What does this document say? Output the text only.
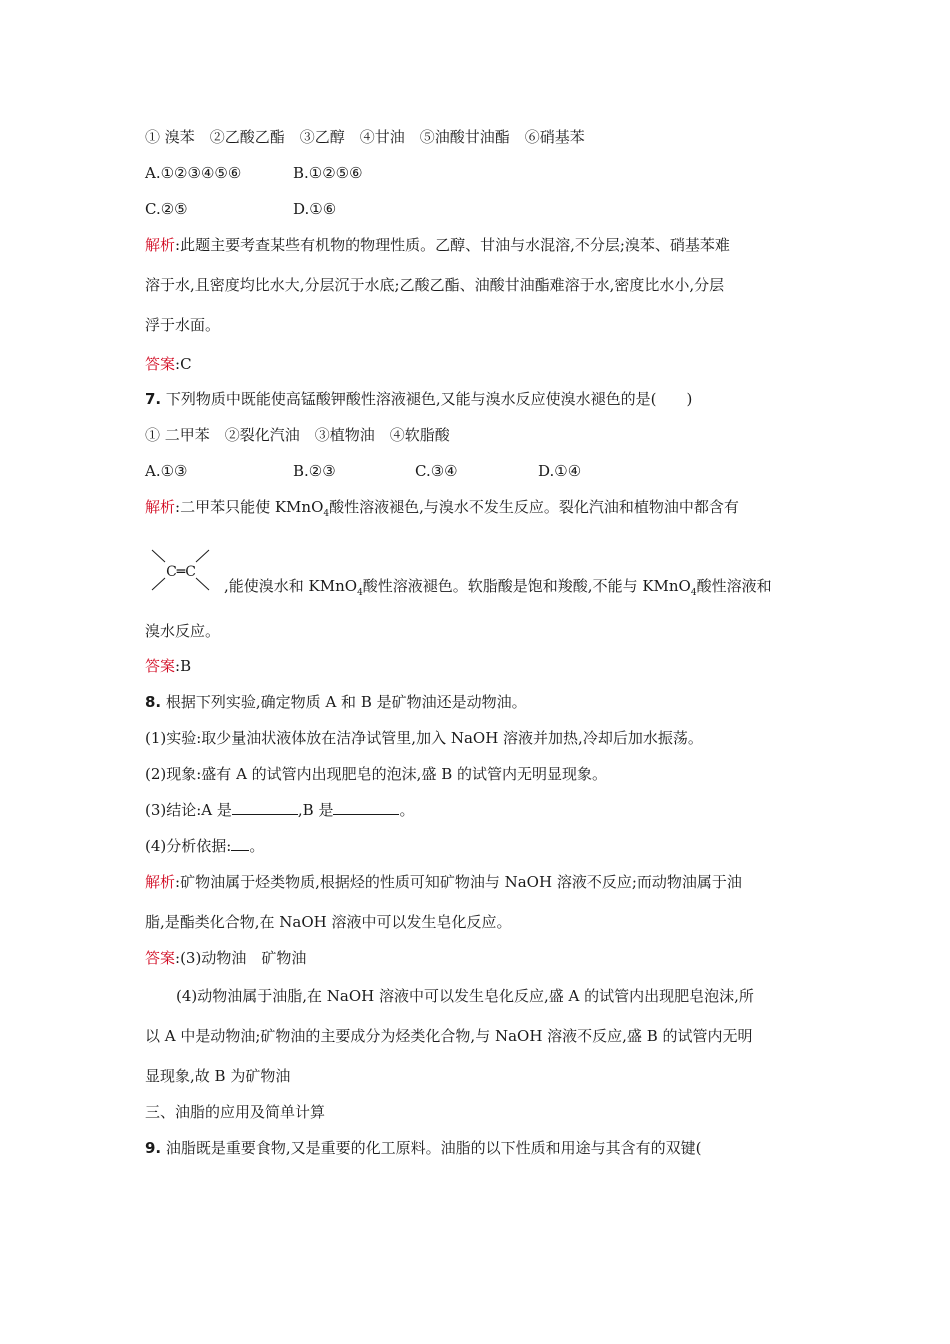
① 溴苯　②乙酸乙酯　③乙醇　④甘油　⑤油酸甘油酯　⑥硝基苯
A.①②③④⑤⑥	B.①②⑤⑥
C.②⑤	D.①⑥
解析:此题主要考查某些有机物的物理性质。乙醇、甘油与水混溶,不分层;溴苯、硝基苯难
溶于水,且密度均比水大,分层沉于水底;乙酸乙酯、油酸甘油酯难溶于水,密度比水小,分层
浮于水面。
答案:C
7. 下列物质中既能使高锰酸钾酸性溶液褪色,又能与溴水反应使溴水褪色的是(　　)
① 二甲苯　②裂化汽油　③植物油　④软脂酸
A.①③	B.②③	C.③④	D.①④
解析:二甲苯只能使 KMnO$_4$酸性溶液褪色,与溴水不发生反应。裂化汽油和植物油中都含有
C═C
,能使溴水和 KMnO$_4$酸性溶液褪色。软脂酸是饱和羧酸,不能与 KMnO$_4$酸性溶液和
溴水反应。
答案:B
8. 根据下列实验,确定物质 A 和 B 是矿物油还是动物油。
(1)实验:取少量油状液体放在洁净试管里,加入 NaOH 溶液并加热,冷却后加水振荡。
(2)现象:盛有 A 的试管内出现肥皂的泡沫,盛 B 的试管内无明显现象。
(3)结论:A 是	,B 是	。
(4)分析依据: 。
解析:矿物油属于烃类物质,根据烃的性质可知矿物油与 NaOH 溶液不反应;而动物油属于油
脂,是酯类化合物,在 NaOH 溶液中可以发生皂化反应。
答案:(3)动物油　矿物油
(4)动物油属于油脂,在 NaOH 溶液中可以发生皂化反应,盛 A 的试管内出现肥皂泡沫,所
以 A 中是动物油;矿物油的主要成分为烃类化合物,与 NaOH 溶液不反应,盛 B 的试管内无明
显现象,故 B 为矿物油
三、油脂的应用及简单计算
9. 油脂既是重要食物,又是重要的化工原料。油脂的以下性质和用途与其含有的双键(
